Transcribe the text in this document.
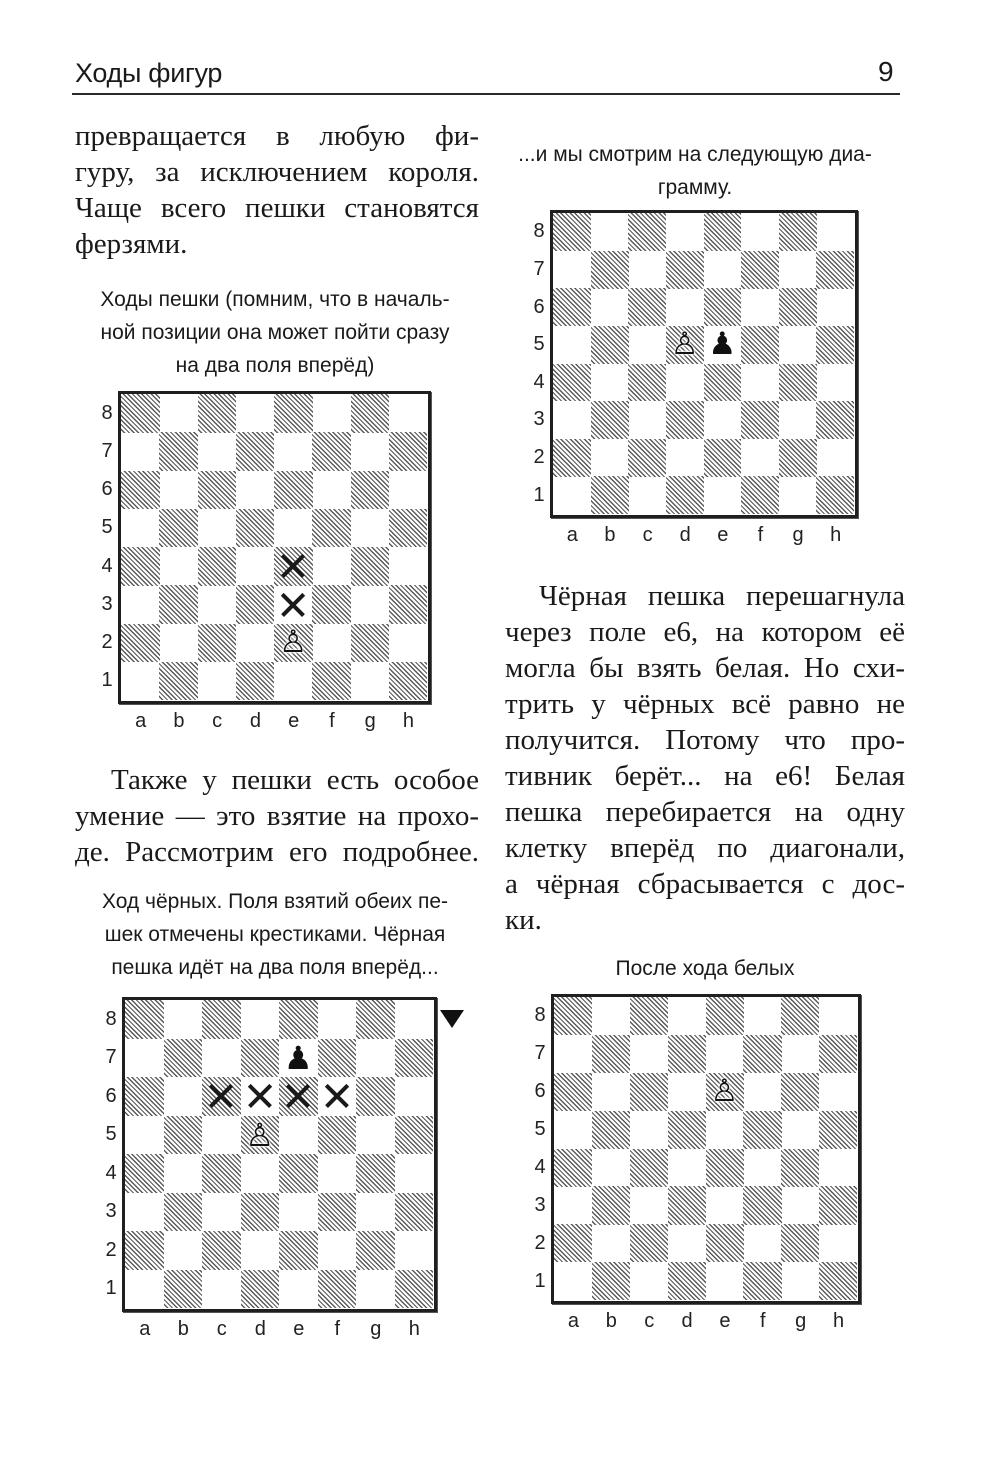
Ходы фигур	9
превращается в любую фи-
гуру, за исключением короля.
Чаще всего пешки становятся
ферзями.
Ходы пешки (помним, что в началь-
ной позиции она может пойти сразу
на два поля вперёд)
♙
8
7
6
5
4
3
2
1
a	b	c	d	e	f	g	h
Также у пешки есть особое
умение — это взятие на прохо-
де. Рассмотрим его подробнее.
Ход чёрных. Поля взятий обеих пе-
шек отмечены крестиками. Чёрная
пешка идёт на два поля вперёд...
♟
♙
8
7
6
5
4
3
2
1
a	b	c	d	e	f	g	h
...и мы смотрим на следующую диа-
грамму.
♙ ♟
8
7
6
5
4
3
2
1
a	b	c	d	e	f	g	h
Чёрная пешка перешагнула
через поле е6, на котором её
могла бы взять белая. Но схи-
трить у чёрных всё равно не
получится. Потому что про-
тивник берёт... на е6! Белая
пешка перебирается на одну
клетку вперёд по диагонали,
а чёрная сбрасывается с дос-
ки.
После хода белых
♙
8
7
6
5
4
3
2
1
a	b	c	d	e	f	g	h
